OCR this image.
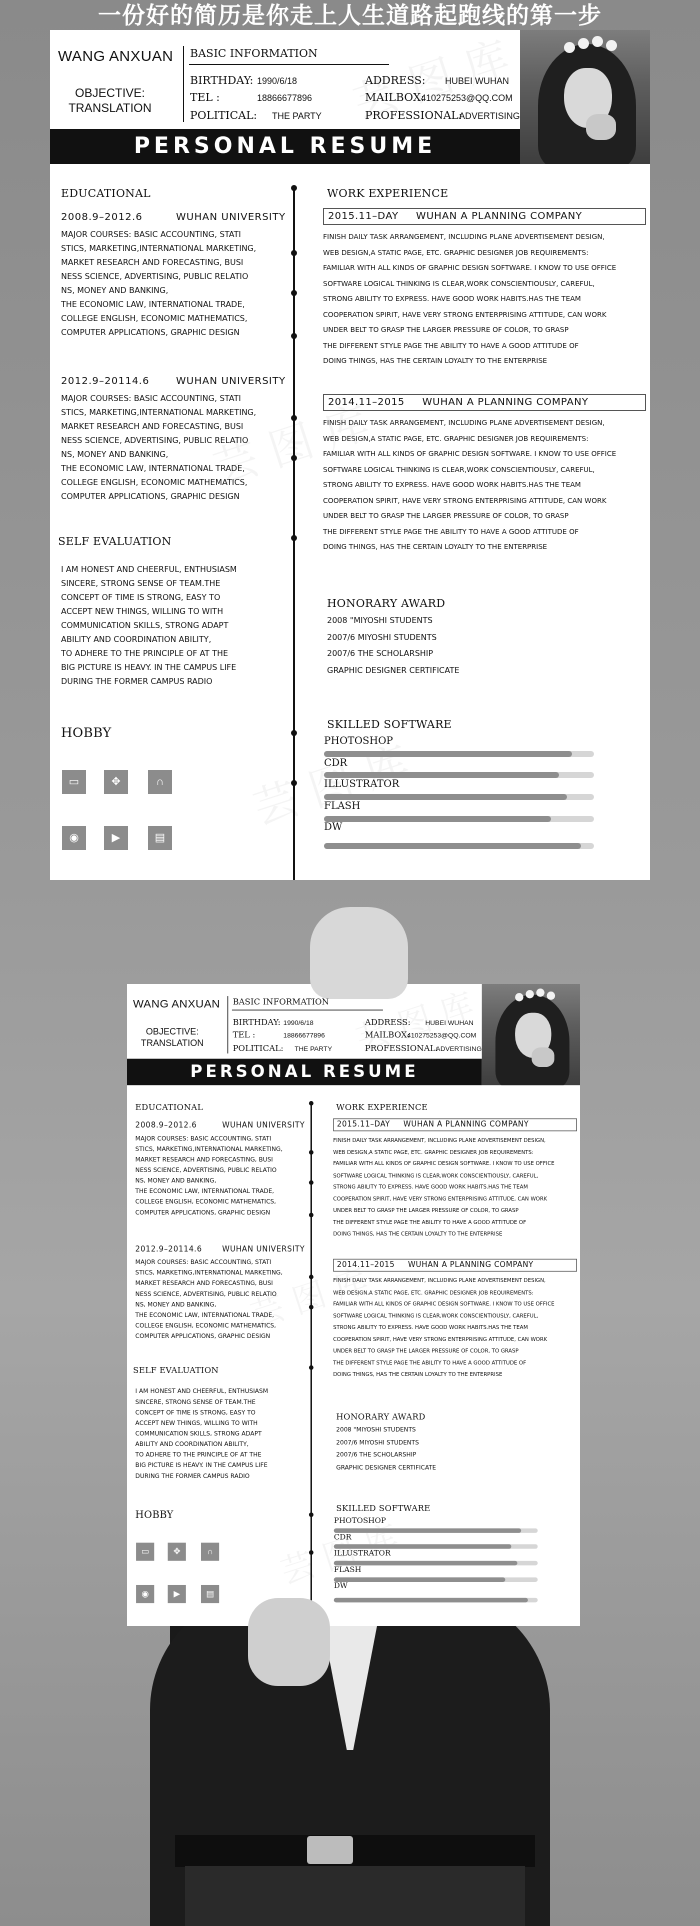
一份好的简历是你走上人生道路起跑线的第一步
WANG ANXUAN
OBJECTIVE:
TRANSLATION
BASIC INFORMATION
BIRTHDAY: 1990/6/18
TEL :	18866677896
POLITICAL: THE PARTY
ADDRESS: HUBEI WUHAN
MAILBOX:
410275253@QQ.COM
PROFESSIONAL:
ADVERTISING
PERSONAL RESUME
EDUCATIONAL
2008.9–2012.6	WUHAN UNIVERSITY
MAJOR COURSES: BASIC ACCOUNTING, STATI
STICS, MARKETING,INTERNATIONAL MARKETING,
MARKET RESEARCH AND FORECASTING, BUSI
NESS SCIENCE, ADVERTISING, PUBLIC RELATIO
NS, MONEY AND BANKING,
THE ECONOMIC LAW, INTERNATIONAL TRADE,
COLLEGE ENGLISH, ECONOMIC MATHEMATICS,
COMPUTER APPLICATIONS, GRAPHIC DESIGN
2012.9–20114.6	WUHAN UNIVERSITY
MAJOR COURSES: BASIC ACCOUNTING, STATI
STICS, MARKETING,INTERNATIONAL MARKETING,
MARKET RESEARCH AND FORECASTING, BUSI
NESS SCIENCE, ADVERTISING, PUBLIC RELATIO
NS, MONEY AND BANKING,
THE ECONOMIC LAW, INTERNATIONAL TRADE,
COLLEGE ENGLISH, ECONOMIC MATHEMATICS,
COMPUTER APPLICATIONS, GRAPHIC DESIGN
SELF EVALUATION
I AM HONEST AND CHEERFUL, ENTHUSIASM
SINCERE, STRONG SENSE OF TEAM.THE
CONCEPT OF TIME IS STRONG, EASY TO
ACCEPT NEW THINGS, WILLING TO WITH
COMMUNICATION SKILLS, STRONG ADAPT
ABILITY AND COORDINATION ABILITY,
TO ADHERE TO THE PRINCIPLE OF AT THE
BIG PICTURE IS HEAVY. IN THE CAMPUS LIFE
DURING THE FORMER CAMPUS RADIO
HOBBY
▭	✥	∩
◉	▶	▤
WORK EXPERIENCE
2015.11–DAY WUHAN A PLANNING COMPANY
FINISH DAILY TASK ARRANGEMENT, INCLUDING PLANE ADVERTISEMENT DESIGN,
WEB DESIGN,A STATIC PAGE, ETC. GRAPHIC DESIGNER JOB REQUIREMENTS:
FAMILIAR WITH ALL KINDS OF GRAPHIC DESIGN SOFTWARE. I KNOW TO USE OFFICE
SOFTWARE LOGICAL THINKING IS CLEAR,WORK CONSCIENTIOUSLY, CAREFUL,
STRONG ABILITY TO EXPRESS. HAVE GOOD WORK HABITS.HAS THE TEAM
COOPERATION SPIRIT, HAVE VERY STRONG ENTERPRISING ATTITUDE, CAN WORK
UNDER BELT TO GRASP THE LARGER PRESSURE OF COLOR, TO GRASP
THE DIFFERENT STYLE PAGE THE ABILITY TO HAVE A GOOD ATTITUDE OF
DOING THINGS, HAS THE CERTAIN LOYALTY TO THE ENTERPRISE
2014.11–2015 WUHAN A PLANNING COMPANY
FINISH DAILY TASK ARRANGEMENT, INCLUDING PLANE ADVERTISEMENT DESIGN,
WEB DESIGN,A STATIC PAGE, ETC. GRAPHIC DESIGNER JOB REQUIREMENTS:
FAMILIAR WITH ALL KINDS OF GRAPHIC DESIGN SOFTWARE. I KNOW TO USE OFFICE
SOFTWARE LOGICAL THINKING IS CLEAR,WORK CONSCIENTIOUSLY, CAREFUL,
STRONG ABILITY TO EXPRESS. HAVE GOOD WORK HABITS.HAS THE TEAM
COOPERATION SPIRIT, HAVE VERY STRONG ENTERPRISING ATTITUDE, CAN WORK
UNDER BELT TO GRASP THE LARGER PRESSURE OF COLOR, TO GRASP
THE DIFFERENT STYLE PAGE THE ABILITY TO HAVE A GOOD ATTITUDE OF
DOING THINGS, HAS THE CERTAIN LOYALTY TO THE ENTERPRISE
HONORARY AWARD
2008 "MIYOSHI STUDENTS
2007/6 MIYOSHI STUDENTS
2007/6 THE SCHOLARSHIP
GRAPHIC DESIGNER CERTIFICATE
SKILLED SOFTWARE
PHOTOSHOP
CDR
ILLUSTRATOR
FLASH
DW
WANG ANXUAN
OBJECTIVE:
TRANSLATION
BASIC INFORMATION
BIRTHDAY: 1990/6/18
TEL :	18866677896
POLITICAL: THE PARTY
ADDRESS: HUBEI WUHAN
MAILBOX:
410275253@QQ.COM
PROFESSIONAL:
ADVERTISING
PERSONAL RESUME
EDUCATIONAL
2008.9–2012.6	WUHAN UNIVERSITY
MAJOR COURSES: BASIC ACCOUNTING, STATI
STICS, MARKETING,INTERNATIONAL MARKETING,
MARKET RESEARCH AND FORECASTING, BUSI
NESS SCIENCE, ADVERTISING, PUBLIC RELATIO
NS, MONEY AND BANKING,
THE ECONOMIC LAW, INTERNATIONAL TRADE,
COLLEGE ENGLISH, ECONOMIC MATHEMATICS,
COMPUTER APPLICATIONS, GRAPHIC DESIGN
2012.9–20114.6 WUHAN UNIVERSITY
MAJOR COURSES: BASIC ACCOUNTING, STATI
STICS, MARKETING,INTERNATIONAL MARKETING,
MARKET RESEARCH AND FORECASTING, BUSI
NESS SCIENCE, ADVERTISING, PUBLIC RELATIO
NS, MONEY AND BANKING,
THE ECONOMIC LAW, INTERNATIONAL TRADE,
COLLEGE ENGLISH, ECONOMIC MATHEMATICS,
COMPUTER APPLICATIONS, GRAPHIC DESIGN
SELF EVALUATION
I AM HONEST AND CHEERFUL, ENTHUSIASM
SINCERE, STRONG SENSE OF TEAM.THE
CONCEPT OF TIME IS STRONG, EASY TO
ACCEPT NEW THINGS, WILLING TO WITH
COMMUNICATION SKILLS, STRONG ADAPT
ABILITY AND COORDINATION ABILITY,
TO ADHERE TO THE PRINCIPLE OF AT THE
BIG PICTURE IS HEAVY. IN THE CAMPUS LIFE
DURING THE FORMER CAMPUS RADIO
HOBBY
▭	✥	∩
◉	▶	▤
WORK EXPERIENCE
2015.11–DAY WUHAN A PLANNING COMPANY
FINISH DAILY TASK ARRANGEMENT, INCLUDING PLANE ADVERTISEMENT DESIGN,
WEB DESIGN,A STATIC PAGE, ETC. GRAPHIC DESIGNER JOB REQUIREMENTS:
FAMILIAR WITH ALL KINDS OF GRAPHIC DESIGN SOFTWARE. I KNOW TO USE OFFICE
SOFTWARE LOGICAL THINKING IS CLEAR,WORK CONSCIENTIOUSLY, CAREFUL,
STRONG ABILITY TO EXPRESS. HAVE GOOD WORK HABITS.HAS THE TEAM
COOPERATION SPIRIT, HAVE VERY STRONG ENTERPRISING ATTITUDE, CAN WORK
UNDER BELT TO GRASP THE LARGER PRESSURE OF COLOR, TO GRASP
THE DIFFERENT STYLE PAGE THE ABILITY TO HAVE A GOOD ATTITUDE OF
DOING THINGS, HAS THE CERTAIN LOYALTY TO THE ENTERPRISE
2014.11–2015 WUHAN A PLANNING COMPANY
FINISH DAILY TASK ARRANGEMENT, INCLUDING PLANE ADVERTISEMENT DESIGN,
WEB DESIGN,A STATIC PAGE, ETC. GRAPHIC DESIGNER JOB REQUIREMENTS:
FAMILIAR WITH ALL KINDS OF GRAPHIC DESIGN SOFTWARE. I KNOW TO USE OFFICE
SOFTWARE LOGICAL THINKING IS CLEAR,WORK CONSCIENTIOUSLY, CAREFUL,
STRONG ABILITY TO EXPRESS. HAVE GOOD WORK HABITS.HAS THE TEAM
COOPERATION SPIRIT, HAVE VERY STRONG ENTERPRISING ATTITUDE, CAN WORK
UNDER BELT TO GRASP THE LARGER PRESSURE OF COLOR, TO GRASP
THE DIFFERENT STYLE PAGE THE ABILITY TO HAVE A GOOD ATTITUDE OF
DOING THINGS, HAS THE CERTAIN LOYALTY TO THE ENTERPRISE
HONORARY AWARD
2008 "MIYOSHI STUDENTS
2007/6 MIYOSHI STUDENTS
2007/6 THE SCHOLARSHIP
GRAPHIC DESIGNER CERTIFICATE
SKILLED SOFTWARE
PHOTOSHOP
CDR
ILLUSTRATOR
FLASH
DW
